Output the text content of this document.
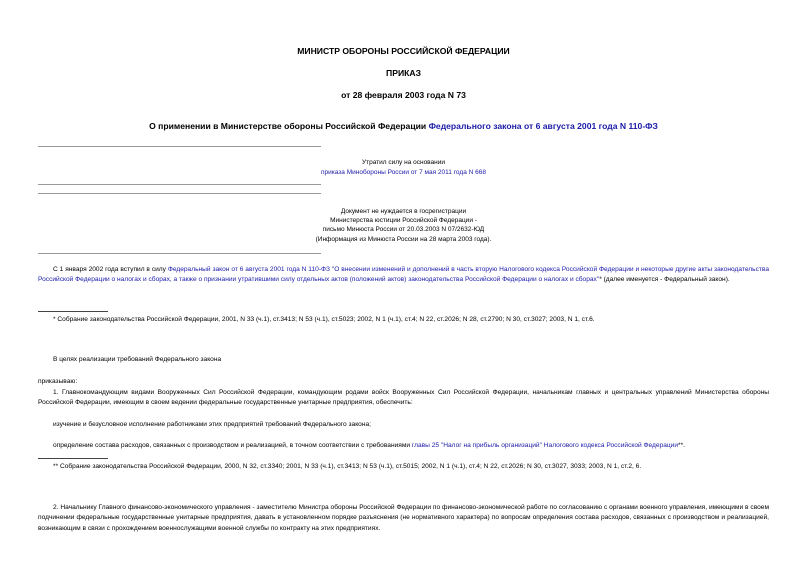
МИНИСТР ОБОРОНЫ РОССИЙСКОЙ ФЕДЕРАЦИИ
ПРИКАЗ
от 28 февраля 2003 года N 73
О применении в Министерстве обороны Российской Федерации Федерального закона от 6 августа 2001 года N 110-ФЗ
Утратил силу на основании
приказа Минобороны России от 7 мая 2011 года N 668
Документ не нуждается в госрегистрации
Министерства юстиции Российской Федерации -
письмо Минюста России от 20.03.2003 N 07/2632-ЮД
(Информация из Минюста России на 28 марта 2003 года).
С 1 января 2002 года вступил в силу Федеральный закон от 6 августа 2001 года N 110-ФЗ "О внесении изменений и дополнений в часть вторую Налогового кодекса Российской Федерации и некоторые другие акты законодательства Российской Федерации о налогах и сборах, а также о признании утратившими силу отдельных актов (положений актов) законодательства Российской Федерации о налогах и сборах"* (далее именуется - Федеральный закон).
* Собрание законодательства Российской Федерации, 2001, N 33 (ч.1), ст.3413; N 53 (ч.1), ст.5023; 2002, N 1 (ч.1), ст.4; N 22, ст.2026; N 28, ст.2790; N 30, ст.3027; 2003, N 1, ст.6.
В целях реализации требований Федерального закона
приказываю:
1. Главнокомандующим видами Вооруженных Сил Российской Федерации, командующим родами войск Вооруженных Сил Российской Федерации, начальникам главных и центральных управлений Министерства обороны Российской Федерации, имеющим в своем ведении федеральные государственные унитарные предприятия, обеспечить:
изучение и безусловное исполнение работниками этих предприятий требований Федерального закона;
определение состава расходов, связанных с производством и реализацией, в точном соответствии с требованиями главы 25 "Налог на прибыль организаций" Налогового кодекса Российской Федерации**.
** Собрание законодательства Российской Федерации, 2000, N 32, ст.3340; 2001, N 33 (ч.1), ст.3413; N 53 (ч.1), ст.5015; 2002, N 1 (ч.1), ст.4; N 22, ст.2026; N 30, ст.3027, 3033; 2003, N 1, ст.2, 6.
2. Начальнику Главного финансово-экономического управления - заместителю Министра обороны Российской Федерации по финансово-экономической работе по согласованию с органами военного управления, имеющими в своем подчинении федеральные государственные унитарные предприятия, давать в установленном порядке разъяснения (не нормативного характера) по вопросам определения состава расходов, связанных с производством и реализацией, возникающим в связи с прохождением военнослужащими военной службы по контракту на этих предприятиях.
